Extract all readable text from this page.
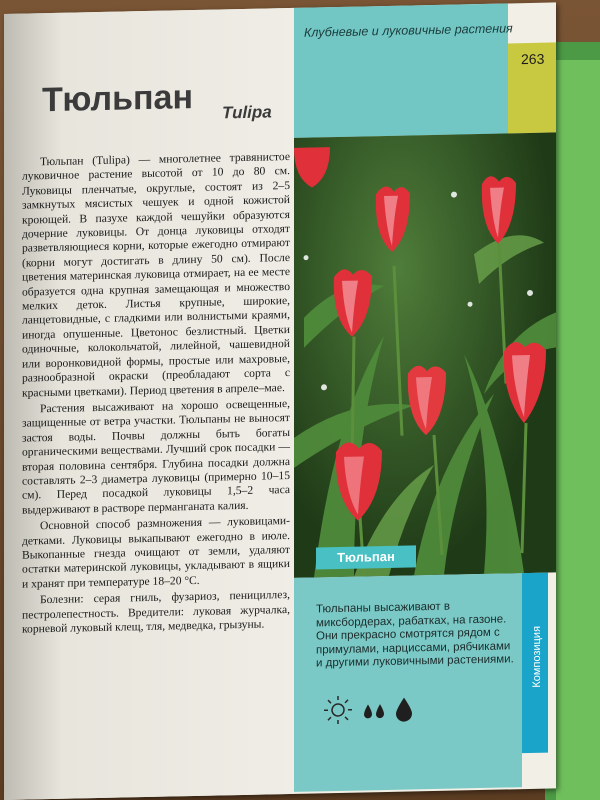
Клубневые и луковичные растения
263
Тюльпан Tulipa

Тюльпан (Tulipa) — многолетнее травянистое луковичное растение высотой от 10 до 80 см. Луковицы пленчатые, округлые, состоят из 2–5 замкнутых мясистых чешуек и одной кожистой кроющей. В пазухе каждой чешуйки образуются дочерние луковицы. От донца луковицы отходят разветвляющиеся корни, которые ежегодно отмирают (корни могут достигать в длину 50 см). После цветения материнская луковица отмирает, на ее месте образуется одна крупная замещающая и множество мелких деток. Листья крупные, широкие, ланцетовидные, с гладкими или волнистыми краями, иногда опушенные. Цветонос безлистный. Цветки одиночные, колокольчатой, лилейной, чашевидной или воронковидной формы, простые или махровые, разнообразной окраски (преобладают сорта с красными цветками). Период цветения в апреле–мае.

Растения высаживают на хорошо освещенные, защищенные от ветра участки. Тюльпаны не выносят застоя воды. Почвы должны быть богаты органическими веществами. Лучший срок посадки — вторая половина сентября. Глубина посадки должна составлять 2–3 диаметра луковицы (примерно 10–15 см). Перед посадкой луковицы 1,5–2 часа выдерживают в растворе перманганата калия.

Основной способ размножения — луковицами-детками. Луковицы выкапывают ежегодно в июле. Выкопанные гнезда очищают от земли, удаляют остатки материнской луковицы, укладывают в ящики и хранят при температуре 18–20 °С.

Болезни: серая гниль, фузариоз, пенициллез, пестролепестность. Вредители: луковая журчалка, корневой луковый клещ, тля, медведка, грызуны.

Тюльпан
Композиция
Тюльпаны высаживают в миксбордерах, рабатках, на газоне. Они прекрасно смотрятся рядом с примулами, нарциссами, рябчиками и другими луковичными растениями.
